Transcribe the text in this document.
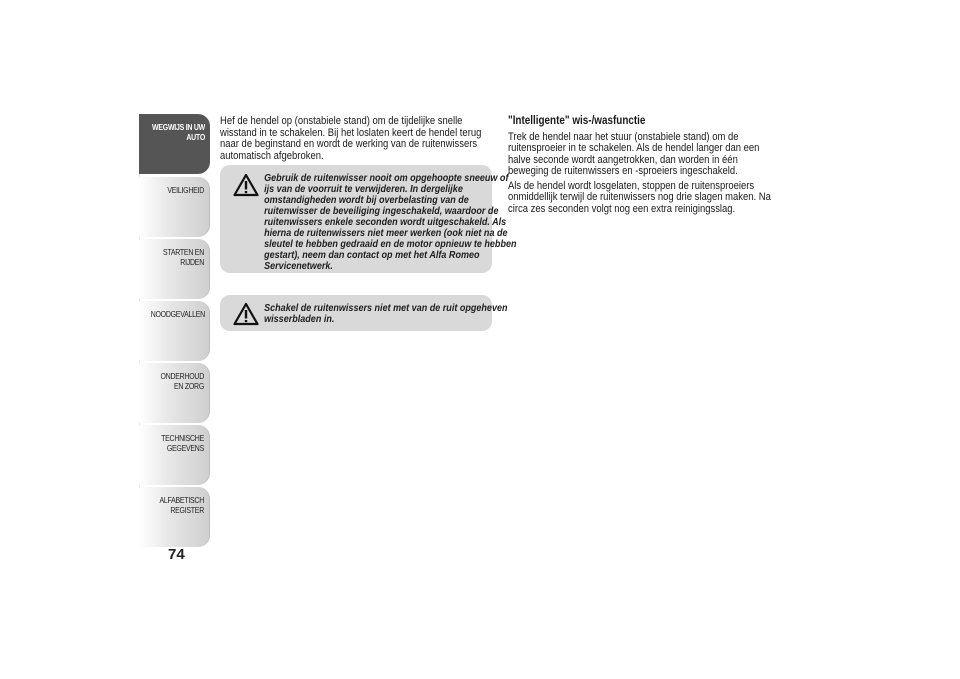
WEGWIJS IN UW AUTO
VEILIGHEID
STARTEN EN RIJDEN
NOODGEVALLEN
ONDERHOUD EN ZORG
TECHNISCHE GEGEVENS
ALFABETISCH REGISTER
74

Hef de hendel op (onstabiele stand) om de tijdelijke snelle wisstand in te schakelen. Bij het loslaten keert de hendel terug naar de beginstand en wordt de werking van de ruitenwissers automatisch afgebroken.

Gebruik de ruitenwisser nooit om opgehoopte sneeuw of ijs van de voorruit te verwijderen. In dergelijke omstandigheden wordt bij overbelasting van de ruitenwisser de beveiliging ingeschakeld, waardoor de ruitenwissers enkele seconden wordt uitgeschakeld. Als hierna de ruitenwissers niet meer werken (ook niet na de sleutel te hebben gedraaid en de motor opnieuw te hebben gestart), neem dan contact op met het Alfa Romeo Servicenetwerk.
Schakel de ruitenwissers niet met van de ruit opgeheven wisserbladen in.

"Intelligente" wis-/wasfunctie

Trek de hendel naar het stuur (onstabiele stand) om de ruitensproeier in te schakelen. Als de hendel langer dan een halve seconde wordt aangetrokken, dan worden in één beweging de ruitenwissers en -sproeiers ingeschakeld.

Als de hendel wordt losgelaten, stoppen de ruitensproeiers onmiddellijk terwijl de ruitenwissers nog drie slagen maken. Na circa zes seconden volgt nog een extra reinigingsslag.
